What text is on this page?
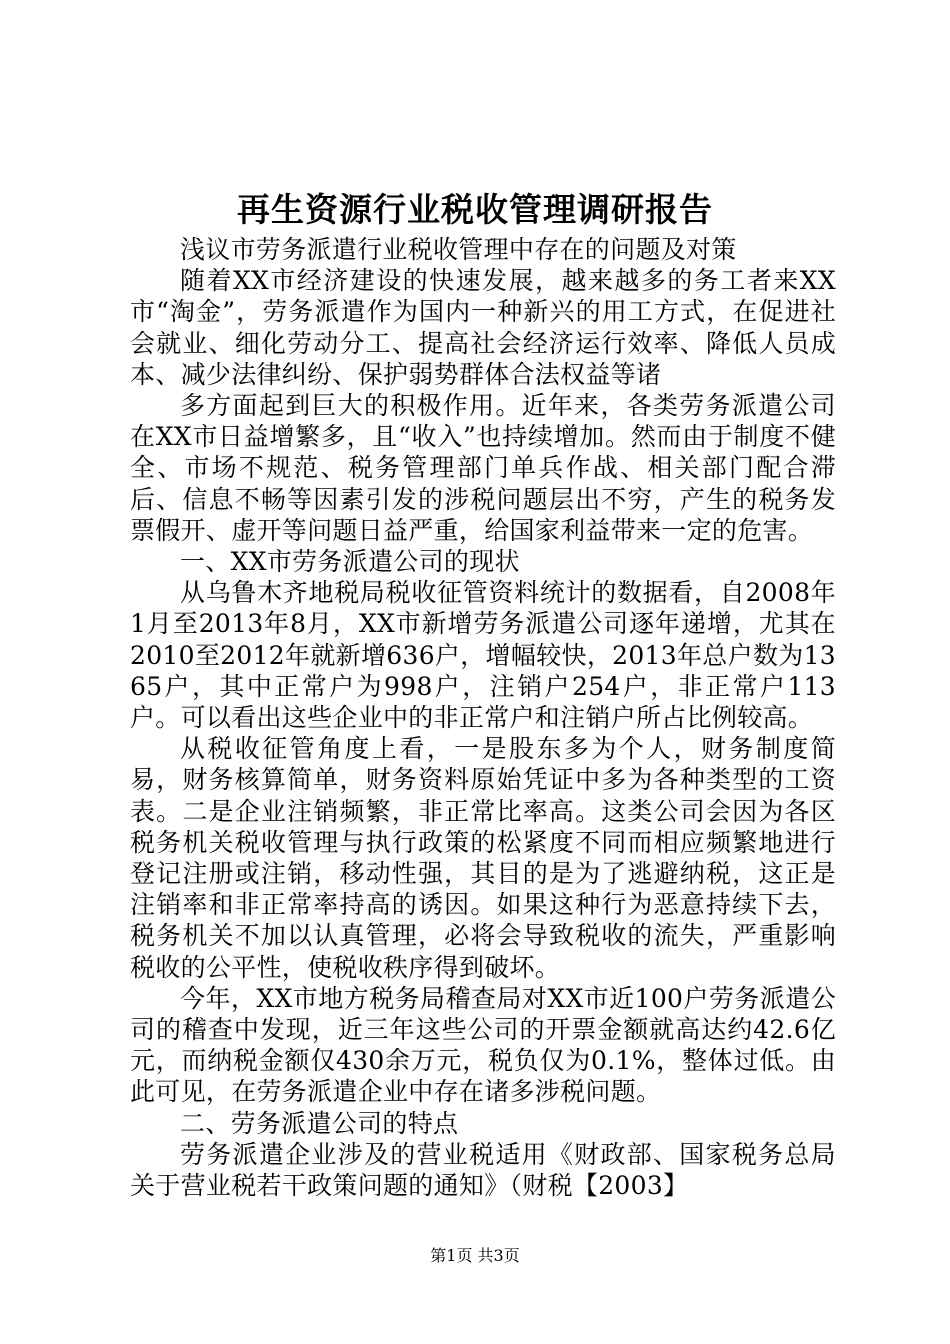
再生资源行业税收管理调研报告

浅议市劳务派遣行业税收管理中存在的问题及对策

随着XX市经济建设的快速发展，越来越多的务工者来XX市“淘金”，劳务派遣作为国内一种新兴的用工方式，在促进社会就业、细化劳动分工、提高社会经济运行效率、降低人员成本、减少法律纠纷、保护弱势群体合法权益等诸

多方面起到巨大的积极作用。近年来，各类劳务派遣公司在XX市日益增繁多，且“收入”也持续增加。然而由于制度不健全、市场不规范、税务管理部门单兵作战、相关部门配合滞后、信息不畅等因素引发的涉税问题层出不穷，产生的税务发票假开、虚开等问题日益严重，给国家利益带来一定的危害。

一、XX市劳务派遣公司的现状

从乌鲁木齐地税局税收征管资料统计的数据看，自2008年1月至2013年8月，XX市新增劳务派遣公司逐年递增，尤其在2010至2012年就新增636户，增幅较快，2013年总户数为1365户，其中正常户为998户，注销户254户，非正常户113户。可以看出这些企业中的非正常户和注销户所占比例较高。

从税收征管角度上看，一是股东多为个人，财务制度简易，财务核算简单，财务资料原始凭证中多为各种类型的工资表。二是企业注销频繁，非正常比率高。这类公司会因为各区税务机关税收管理与执行政策的松紧度不同而相应频繁地进行登记注册或注销，移动性强，其目的是为了逃避纳税，这正是注销率和非正常率持高的诱因。如果这种行为恶意持续下去，税务机关不加以认真管理，必将会导致税收的流失，严重影响税收的公平性，使税收秩序得到破坏。

今年，XX市地方税务局稽查局对XX市近100户劳务派遣公司的稽查中发现，近三年这些公司的开票金额就高达约42.6亿元，而纳税金额仅430余万元，税负仅为0.1%，整体过低。由此可见，在劳务派遣企业中存在诸多涉税问题。

二、劳务派遣公司的特点

劳务派遣企业涉及的营业税适用《财政部、国家税务总局关于营业税若干政策问题的通知》（财税【2003】

第1页 共3页
